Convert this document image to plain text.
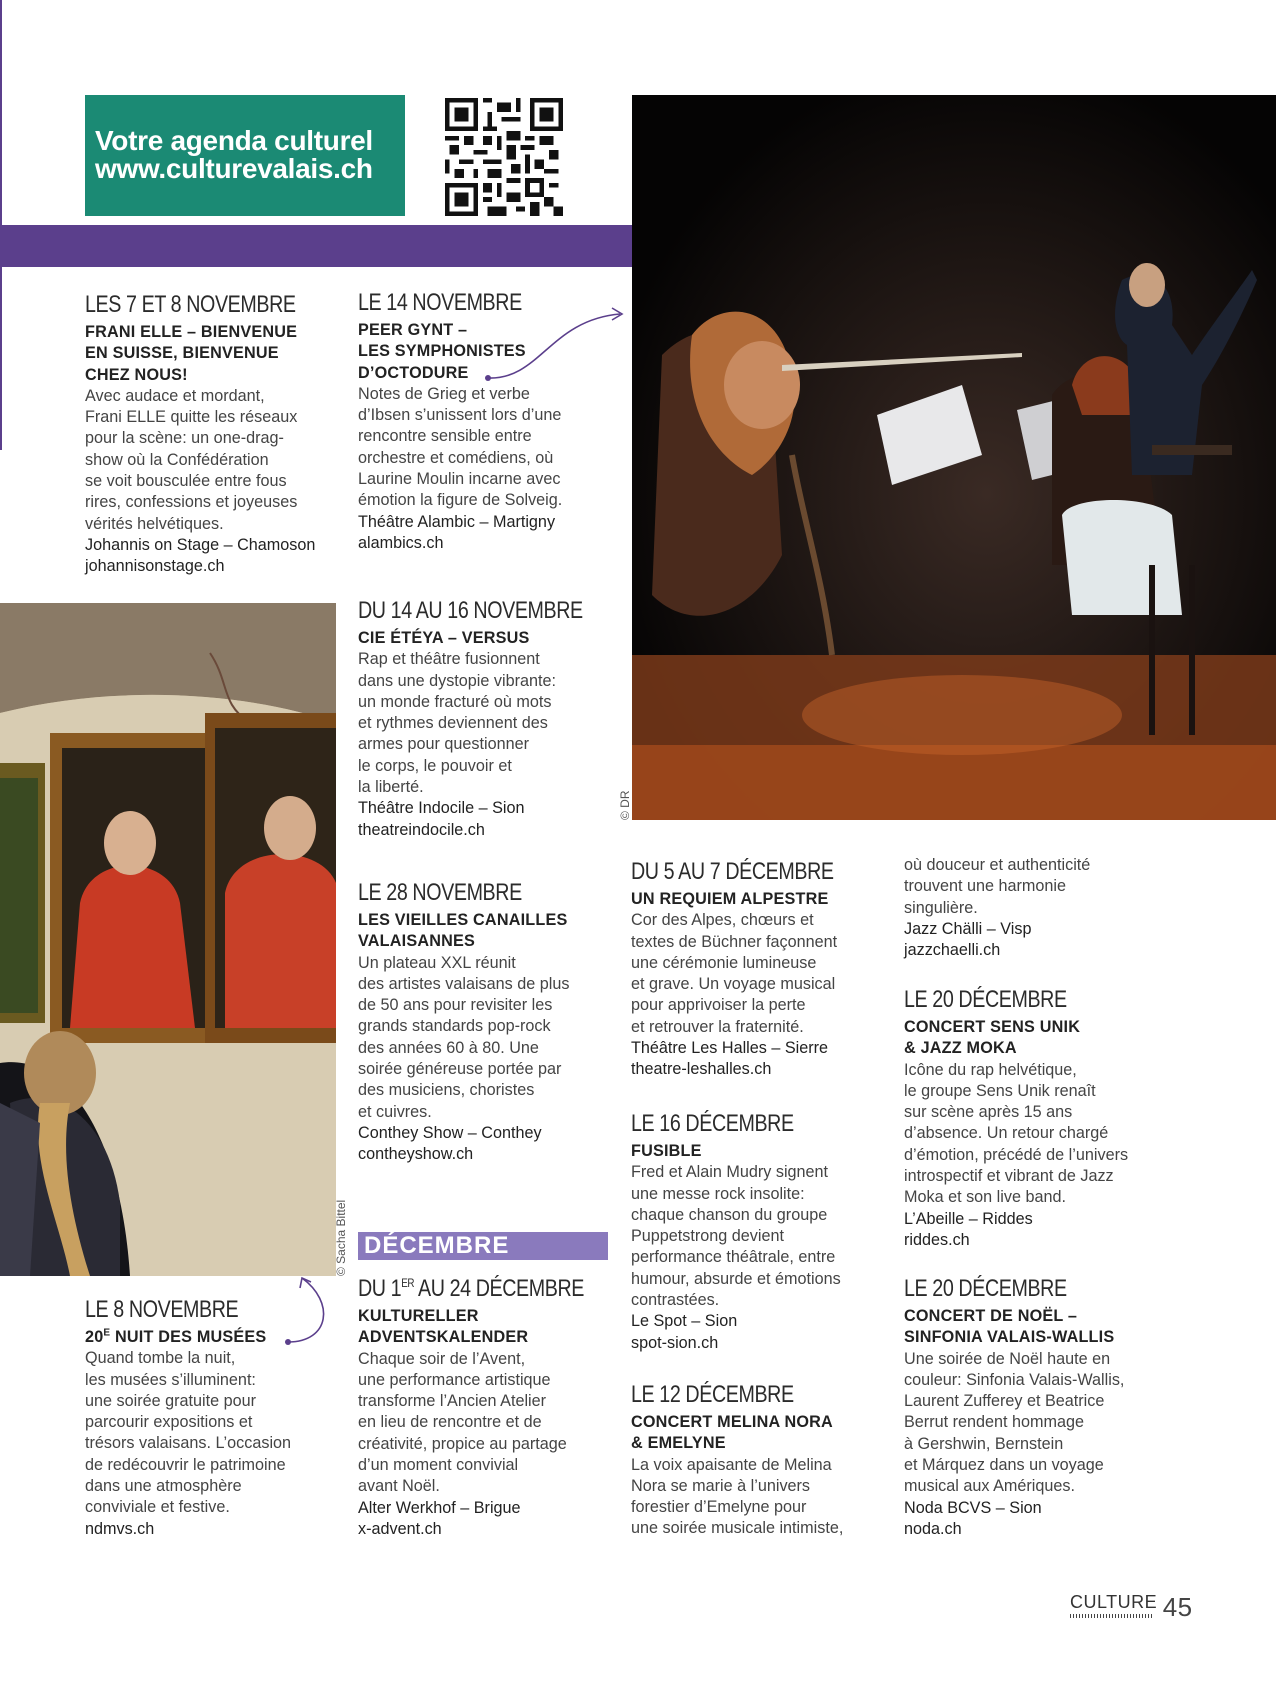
Votre agenda culturel
www.culturevalais.ch
© DR
© Sacha Bittel
LES 7 ET 8 NOVEMBRE
FRANI ELLE – BIENVENUE
EN SUISSE, BIENVENUE
CHEZ NOUS!
Avec audace et mordant,
Frani ELLE quitte les réseaux
pour la scène: un one-drag-
show où la Confédération
se voit bousculée entre fous
rires, confessions et joyeuses
vérités helvétiques.
Johannis on Stage – Chamoson
johannisonstage.ch
LE 8 NOVEMBRE
$20^E$ NUIT DES MUSÉES
Quand tombe la nuit,
les musées s’illuminent:
une soirée gratuite pour
parcourir expositions et
trésors valaisans. L’occasion
de redécouvrir le patrimoine
dans une atmosphère
conviviale et festive.
ndmvs.ch
LE 14 NOVEMBRE
PEER GYNT –
LES SYMPHONISTES
D’OCTODURE
Notes de Grieg et verbe
d’Ibsen s’unissent lors d’une
rencontre sensible entre
orchestre et comédiens, où
Laurine Moulin incarne avec
émotion la figure de Solveig.
Théâtre Alambic – Martigny
alambics.ch
DU 14 AU 16 NOVEMBRE
CIE ÉTÉYA – VERSUS
Rap et théâtre fusionnent
dans une dystopie vibrante:
un monde fracturé où mots
et rythmes deviennent des
armes pour questionner
le corps, le pouvoir et
la liberté.
Théâtre Indocile – Sion
theatreindocile.ch
LE 28 NOVEMBRE
LES VIEILLES CANAILLES
VALAISANNES
Un plateau XXL réunit
des artistes valaisans de plus
de 50 ans pour revisiter les
grands standards pop-rock
des années 60 à 80. Une
soirée généreuse portée par
des musiciens, choristes
et cuivres.
Conthey Show – Conthey
contheyshow.ch
DÉCEMBRE
DU 1ER AU 24 DÉCEMBRE
KULTURELLER
ADVENTSKALENDER
Chaque soir de l’Avent,
une performance artistique
transforme l’Ancien Atelier
en lieu de rencontre et de
créativité, propice au partage
d’un moment convivial
avant Noël.
Alter Werkhof – Brigue
x-advent.ch
DU 5 AU 7 DÉCEMBRE
UN REQUIEM ALPESTRE
Cor des Alpes, chœurs et
textes de Büchner façonnent
une cérémonie lumineuse
et grave. Un voyage musical
pour apprivoiser la perte
et retrouver la fraternité.
Théâtre Les Halles – Sierre
theatre-leshalles.ch
LE 16 DÉCEMBRE
FUSIBLE
Fred et Alain Mudry signent
une messe rock insolite:
chaque chanson du groupe
Puppetstrong devient
performance théâtrale, entre
humour, absurde et émotions
contrastées.
Le Spot – Sion
spot-sion.ch
LE 12 DÉCEMBRE
CONCERT MELINA NORA
& EMELYNE
La voix apaisante de Melina
Nora se marie à l’univers
forestier d’Emelyne pour
une soirée musicale intimiste,
où douceur et authenticité
trouvent une harmonie
singulière.
Jazz Chälli – Visp
jazzchaelli.ch
LE 20 DÉCEMBRE
CONCERT SENS UNIK
& JAZZ MOKA
Icône du rap helvétique,
le groupe Sens Unik renaît
sur scène après 15 ans
d’absence. Un retour chargé
d’émotion, précédé de l’univers
introspectif et vibrant de Jazz
Moka et son live band.
L’Abeille – Riddes
riddes.ch
LE 20 DÉCEMBRE
CONCERT DE NOËL –
SINFONIA VALAIS-WALLIS
Une soirée de Noël haute en
couleur: Sinfonia Valais-Wallis,
Laurent Zufferey et Beatrice
Berrut rendent hommage
à Gershwin, Bernstein
et Márquez dans un voyage
musical aux Amériques.
Noda BCVS – Sion
noda.ch
CULTURE 45
